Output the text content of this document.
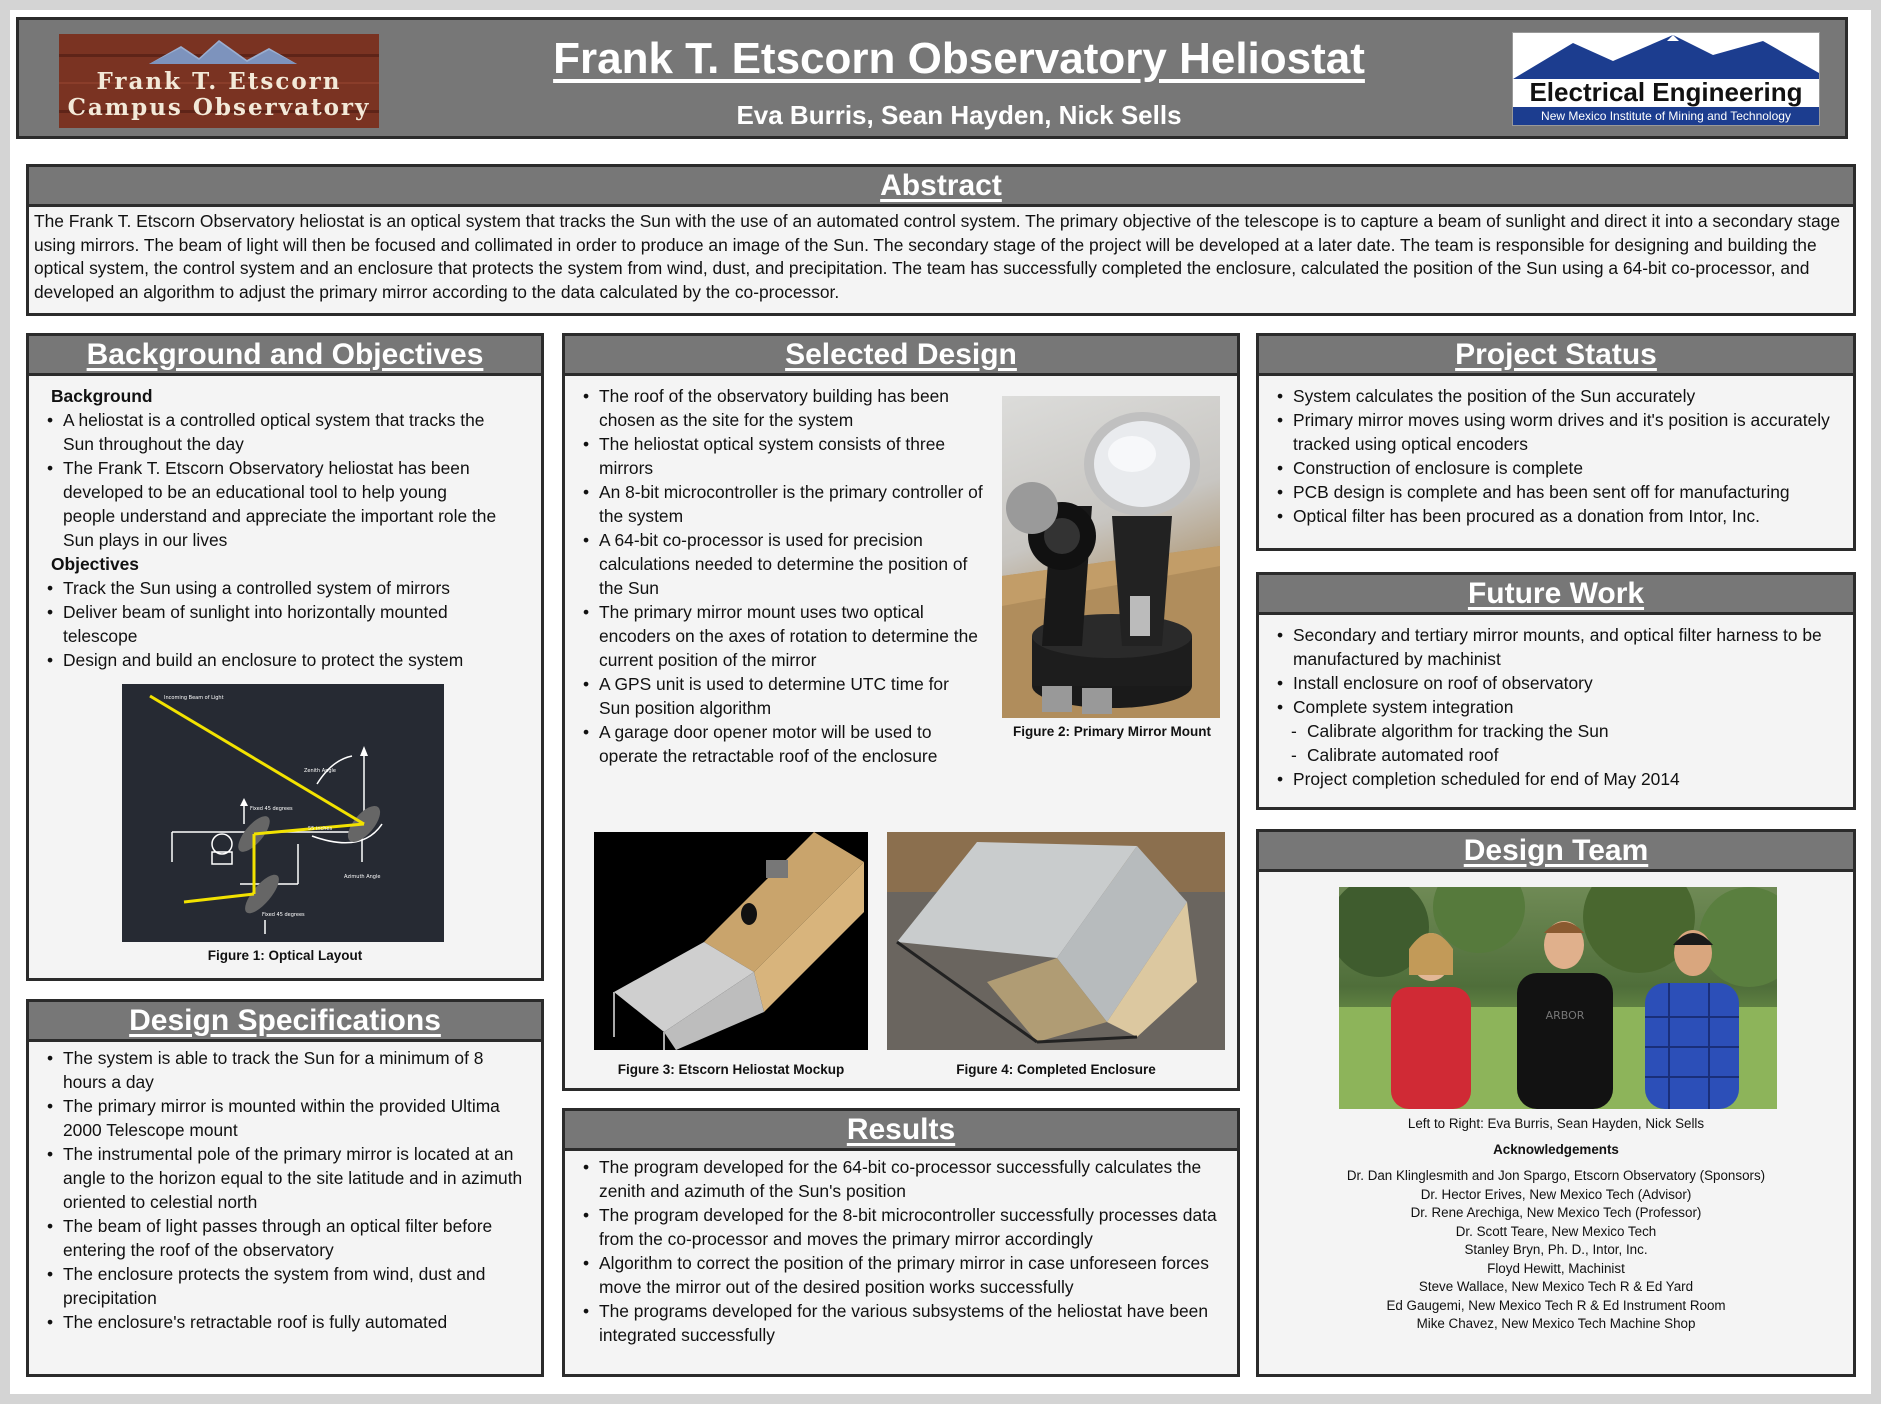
Frank T. Etscorn
Campus Observatory
Frank T. Etscorn Observatory Heliostat
Eva Burris, Sean Hayden, Nick Sells
Electrical Engineering
New Mexico Institute of Mining and Technology
Abstract
The Frank T. Etscorn Observatory heliostat is an optical system that tracks the Sun with the use of an automated control system. The primary objective of the telescope is to capture a beam of sunlight and direct it into a secondary stage using mirrors. The beam of light will then be focused and collimated in order to produce an image of the Sun. The secondary stage of the project will be developed at a later date. The team is responsible for designing and building the optical system, the control system and an enclosure that protects the system from wind, dust, and precipitation. The team has successfully completed the enclosure, calculated the position of the Sun using a 64-bit co-processor, and developed an algorithm to adjust the primary mirror according to the data calculated by the co-processor.
Background and Objectives
Background
• A heliostat is a controlled optical system that tracks the Sun throughout the day
• The Frank T. Etscorn Observatory heliostat has been developed to be an educational tool to help young people understand and appreciate the important role the Sun plays in our lives
Objectives
• Track the Sun using a controlled system of mirrors
• Deliver beam of sunlight into horizontally mounted telescope
• Design and build an enclosure to protect the system
Incoming Beam of Light
Zenith Angle
Fixed 45 degrees
55 inches
Azimuth Angle
Fixed 45 degrees
Figure 1: Optical Layout
Design Specifications
• The system is able to track the Sun for a minimum of 8 hours a day
• The primary mirror is mounted within the provided Ultima 2000 Telescope mount
• The instrumental pole of the primary mirror is located at an angle to the horizon equal to the site latitude and in azimuth oriented to celestial north
• The beam of light passes through an optical filter before entering the roof of the observatory
• The enclosure protects the system from wind, dust and precipitation
• The enclosure's retractable roof is fully automated
Selected Design
• The roof of the observatory building has been chosen as the site for the system
• The heliostat optical system consists of three mirrors
• An 8-bit microcontroller is the primary controller of the system
• A 64-bit co-processor is used for precision calculations needed to determine the position of the Sun
• The primary mirror mount uses two optical encoders on the axes of rotation to determine the current position of the mirror
• A GPS unit is used to determine UTC time for Sun position algorithm
• A garage door opener motor will be used to operate the retractable roof of the enclosure
Figure 2: Primary Mirror Mount
Figure 3: Etscorn Heliostat Mockup	Figure 4: Completed Enclosure
Results
• The program developed for the 64-bit co-processor successfully calculates the zenith and azimuth of the Sun's position
• The program developed for the 8-bit microcontroller successfully processes data from the co-processor and moves the primary mirror accordingly
• Algorithm to correct the position of the primary mirror in case unforeseen forces move the mirror out of the desired position works successfully
• The programs developed for the various subsystems of the heliostat have been integrated successfully
Project Status
• System calculates the position of the Sun accurately
• Primary mirror moves using worm drives and it's position is accurately tracked using optical encoders
• Construction of enclosure is complete
• PCB design is complete and has been sent off for manufacturing
• Optical filter has been procured as a donation from Intor, Inc.
Future Work
• Secondary and tertiary mirror mounts, and optical filter harness to be manufactured by machinist
• Install enclosure on roof of observatory
• Complete system integration
- Calibrate algorithm for tracking the Sun
- Calibrate automated roof
• Project completion scheduled for end of May 2014
Design Team
ARBOR
Left to Right: Eva Burris, Sean Hayden, Nick Sells
Acknowledgements
Dr. Dan Klinglesmith and Jon Spargo, Etscorn Observatory (Sponsors)
Dr. Hector Erives, New Mexico Tech (Advisor)
Dr. Rene Arechiga, New Mexico Tech (Professor)
Dr. Scott Teare, New Mexico Tech
Stanley Bryn, Ph. D., Intor, Inc.
Floyd Hewitt, Machinist
Steve Wallace, New Mexico Tech R & Ed Yard
Ed Gaugemi, New Mexico Tech R & Ed Instrument Room
Mike Chavez, New Mexico Tech Machine Shop
